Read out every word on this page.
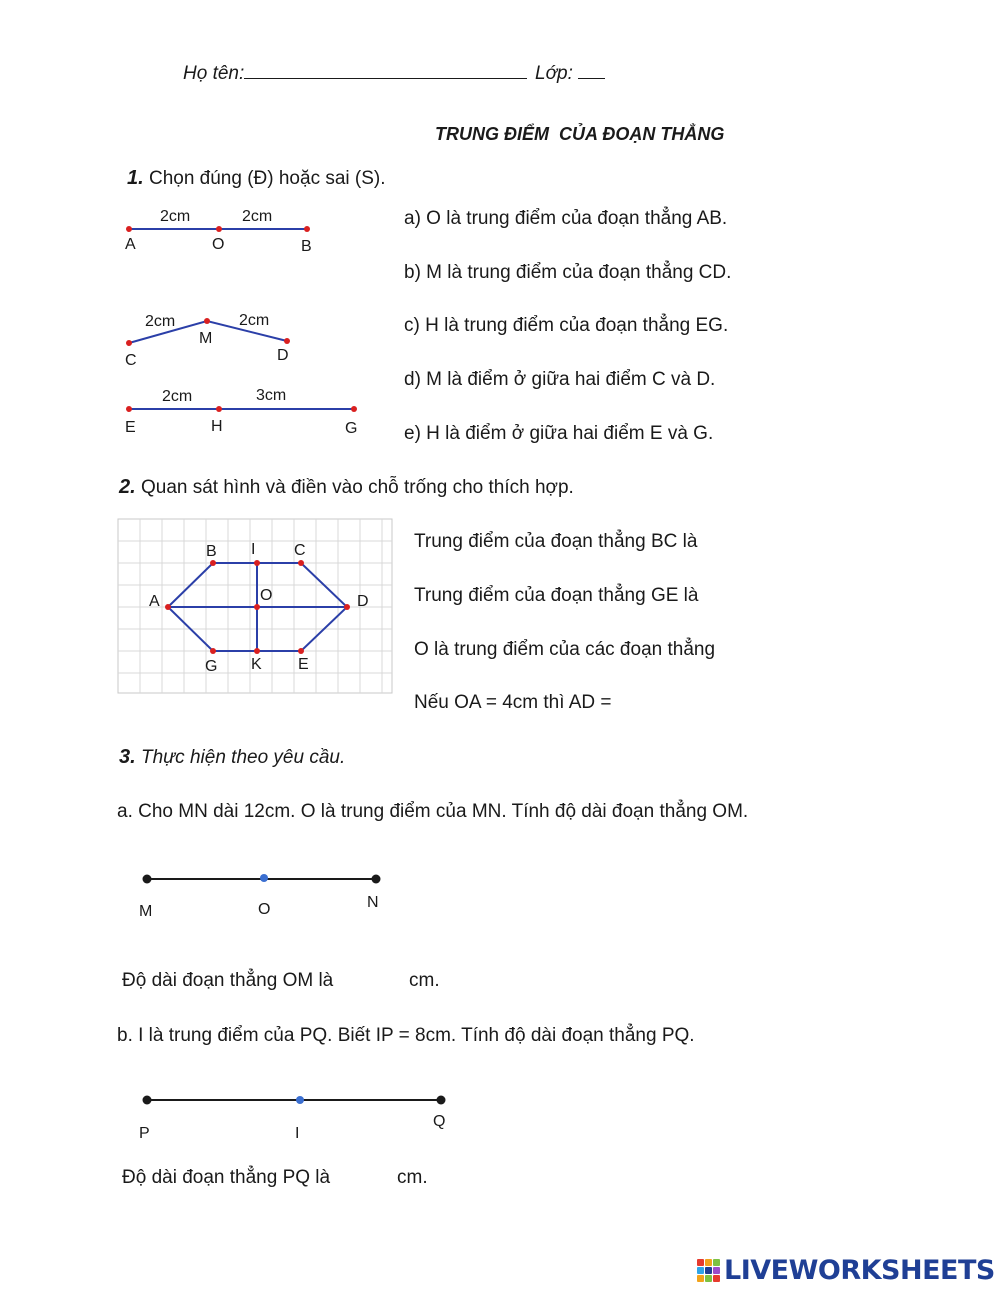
Họ tên:	Lớp:
TRUNG ĐIỂM  CỦA ĐOẠN THẲNG
1. Chọn đúng (Đ) hoặc sai (S).
2cm	2cm
A	O	B
2cm	2cm
C
M
D
2cm	3cm
E	H	G
a) O là trung điểm của đoạn thẳng AB.
b) M là trung điểm của đoạn thẳng CD.
c) H là trung điểm của đoạn thẳng EG.
d) M là điểm ở giữa hai điểm C và D.
e) H là điểm ở giữa hai điểm E và G.
2. Quan sát hình và điền vào chỗ trống cho thích hợp.
B I C
A	O	D
G K E
Trung điểm của đoạn thẳng BC là
Trung điểm của đoạn thẳng GE là
O là trung điểm của các đoạn thẳng
Nếu OA = 4cm thì AD =
3. Thực hiện theo yêu cầu.
a. Cho MN dài 12cm. O là trung điểm của MN. Tính độ dài đoạn thẳng OM.
M	O	N
Độ dài đoạn thẳng OM là	cm.
b. I là trung điểm của PQ. Biết IP = 8cm. Tính độ dài đoạn thẳng PQ.
P	I
Q
Độ dài đoạn thẳng PQ là	cm.
LIVEWORKSHEETS
